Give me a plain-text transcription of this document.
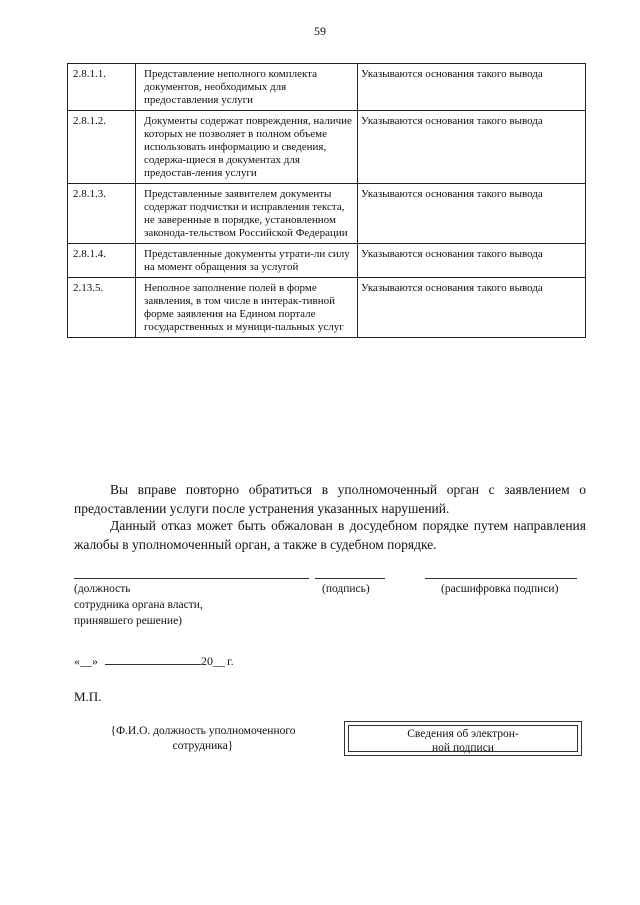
59
2.8.1.1.	Представление неполного комплекта документов, необходимых для предоставления услуги	Указываются основания такого вывода
2.8.1.2.	Документы содержат повреждения, наличие которых не позволяет в полном объеме использовать информацию и сведения, содержа-щиеся в документах для предостав-ления услуги	Указываются основания такого вывода
2.8.1.3.	Представленные заявителем документы содержат подчистки и исправления текста, не заверенные в порядке, установленном законода-тельством Российской Федерации	Указываются основания такого вывода
2.8.1.4.	Представленные документы утрати-ли силу на момент обращения за услугой	Указываются основания такого вывода
2.13.5.	Неполное заполнение полей в форме заявления, в том числе в интерак-тивной форме заявления на Едином портале государственных и муници-пальных услуг	Указываются основания такого вывода
Вы вправе повторно обратиться в уполномоченный орган с заявлением о предоставлении услуги после устранения указанных нарушений.
Данный отказ может быть обжалован в досудебном порядке путем направления жалобы в уполномоченный орган, а также в судебном порядке.
(должность
сотрудника органа власти,
принявшего решение)
(подпись)	(расшифровка подписи)
«__»	20__ г.
М.П.
{Ф.И.О. должность уполномоченного
сотрудника}
Сведения об электрон-
ной подписи
